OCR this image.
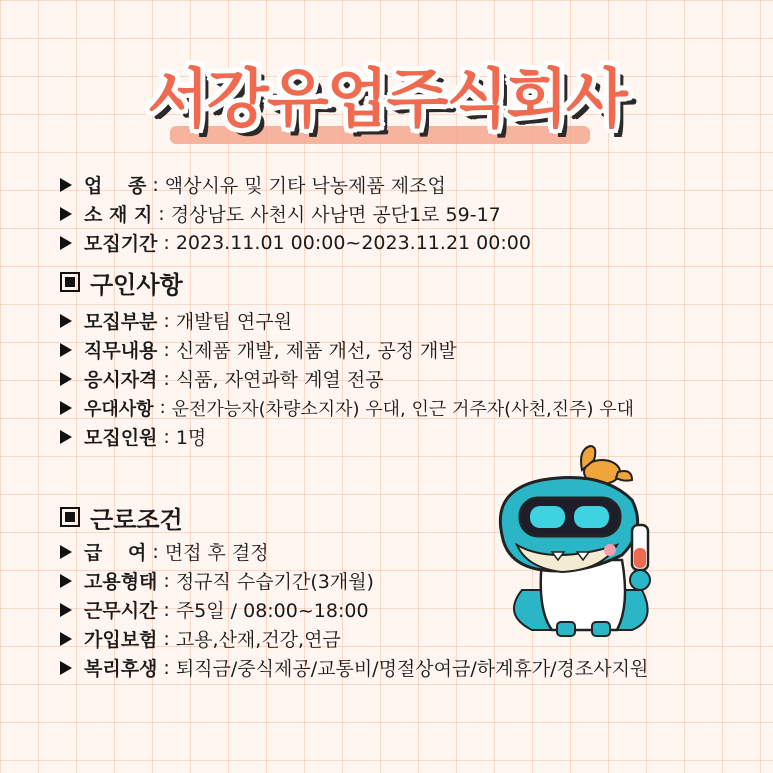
서강유업주식회사
업　 종 : 액상시유 및 기타 낙농제품 제조업
소 재 지 : 경상남도 사천시 사남면 공단1로 59-17
모집기간 : 2023.11.01 00:00~2023.11.21 00:00
구인사항
모집부분 : 개발팀 연구원
직무내용 : 신제품 개발, 제품 개선, 공정 개발
응시자격 : 식품, 자연과학 계열 전공
우대사항 : 운전가능자(차량소지자) 우대, 인근 거주자(사천,진주) 우대
모집인원 : 1명
근로조건
급　 여 : 면접 후 결정
고용형태 : 정규직 수습기간(3개월)
근무시간 : 주5일 / 08:00~18:00
가입보험 : 고용,산재,건강,연금
복리후생 : 퇴직금/중식제공/교통비/명절상여금/하계휴가/경조사지원
